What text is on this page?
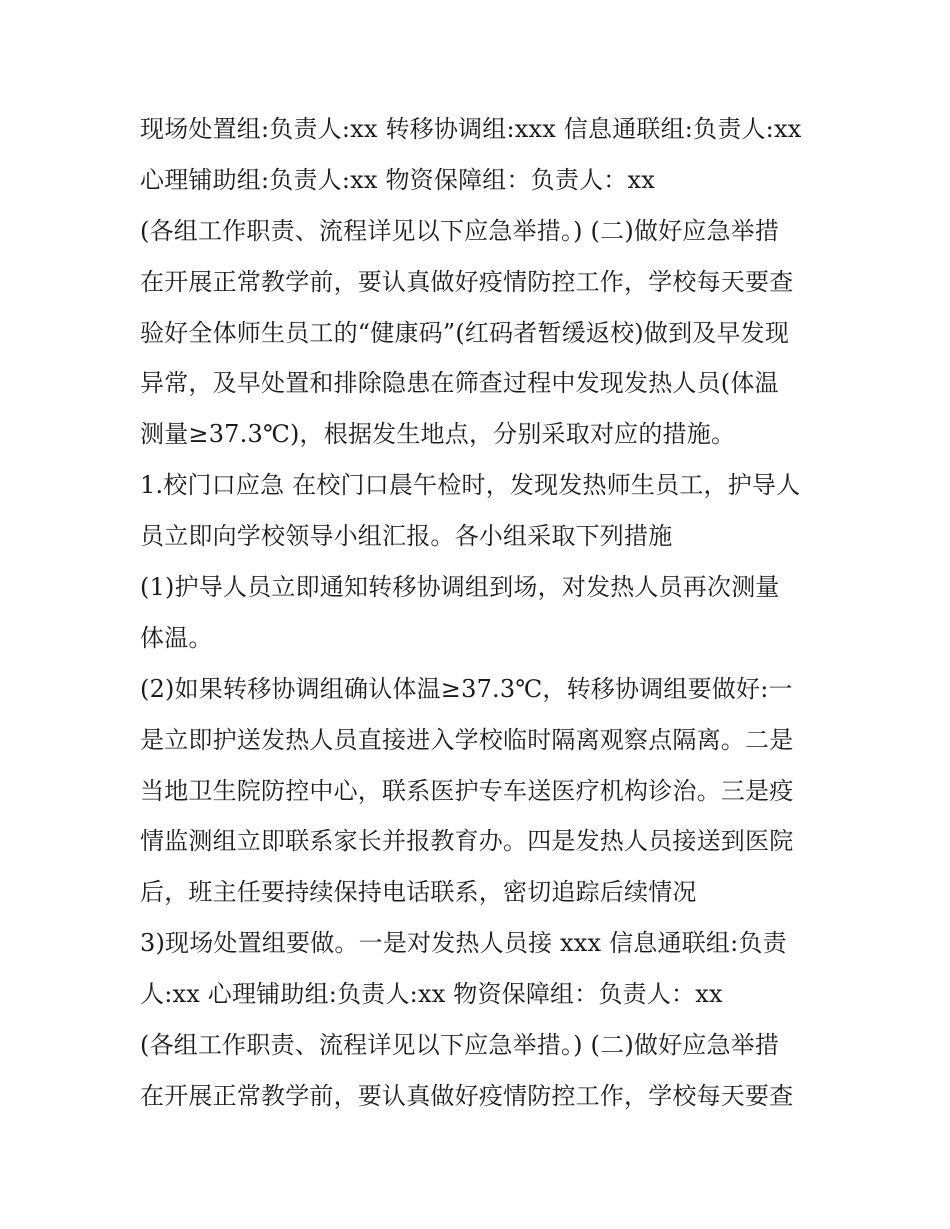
现场处置组:负责人:xx 转移协调组:xxx 信息通联组:负责人:xx
心理铺助组:负责人:xx 物资保障组：负责人：xx
(各组工作职责、流程详见以下应急举措。) (二)做好应急举措
在开展正常教学前，要认真做好疫情防控工作，学校每天要查
验好全体师生员工的“健康码”(红码者暂缓返校)做到及早发现
异常，及早处置和排除隐患在筛查过程中发现发热人员(体温
测量≥37.3℃)，根据发生地点，分别采取对应的措施。
1.校门口应急 在校门口晨午检时，发现发热师生员工，护导人
员立即向学校领导小组汇报。各小组采取下列措施
(1)护导人员立即通知转移协调组到场，对发热人员再次测量
体温。
(2)如果转移协调组确认体温≥37.3℃，转移协调组要做好:一
是立即护送发热人员直接进入学校临时隔离观察点隔离。二是
当地卫生院防控中心，联系医护专车送医疗机构诊治。三是疫
情监测组立即联系家长并报教育办。四是发热人员接送到医院
后，班主任要持续保持电话联系，密切追踪后续情况
3)现场处置组要做。一是对发热人员接 xxx 信息通联组:负责
人:xx 心理铺助组:负责人:xx 物资保障组：负责人：xx
(各组工作职责、流程详见以下应急举措。) (二)做好应急举措
在开展正常教学前，要认真做好疫情防控工作，学校每天要查
